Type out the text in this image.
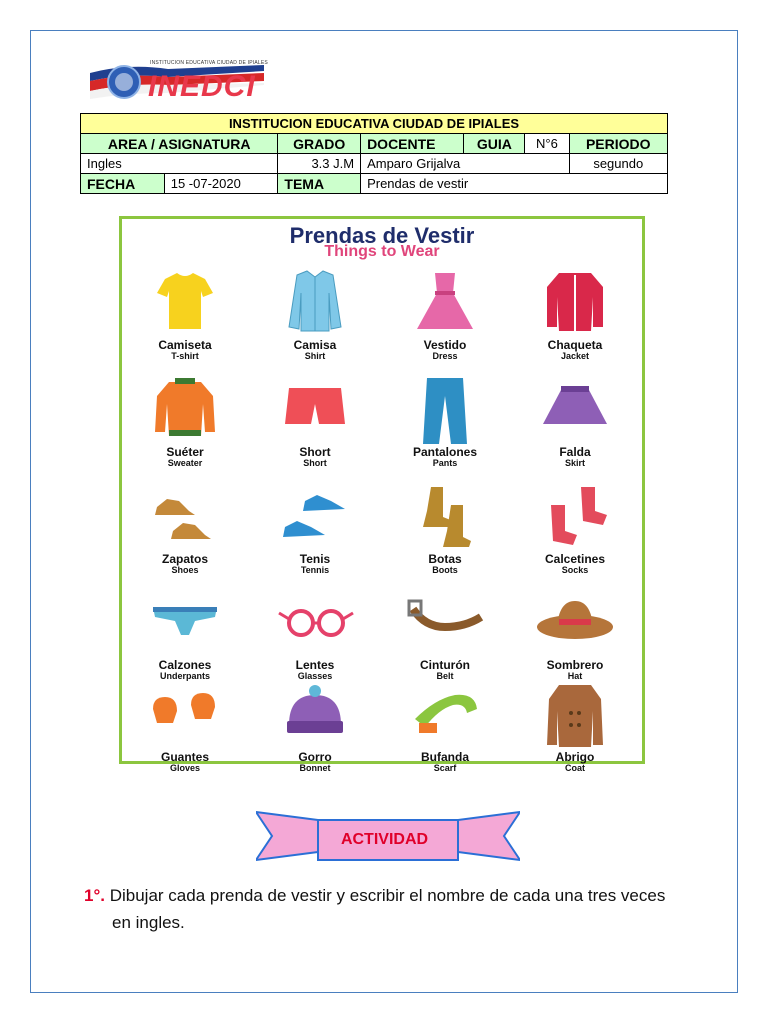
INSTITUCION EDUCATIVA CIUDAD DE IPIALES
INEDCI
INSTITUCION EDUCATIVA CIUDAD DE IPIALES						
AREA / ASIGNATURA		GRADO	DOCENTE	GUIA	N°6	PERIODO
Ingles		3.3 J.M	Amparo Grijalva			segundo
FECHA	15 -07-2020	TEMA	Prendas de vestir			
Prendas de Vestir
Things to Wear
Camiseta
T-shirt
Camisa
Shirt
Vestido
Dress
Chaqueta
Jacket
Suéter
Sweater
Short
Short
Pantalones
Pants
Falda
Skirt
Zapatos
Shoes
Tenis
Tennis
Botas
Boots
Calcetines
Socks
Calzones
Underpants
Lentes
Glasses
Cinturón
Belt
Sombrero
Hat
Guantes
Gloves
Gorro
Bonnet
Bufanda
Scarf
Abrigo
Coat
ACTIVIDAD
1°. Dibujar cada prenda de vestir y escribir el nombre de cada una tres veces
en ingles.
